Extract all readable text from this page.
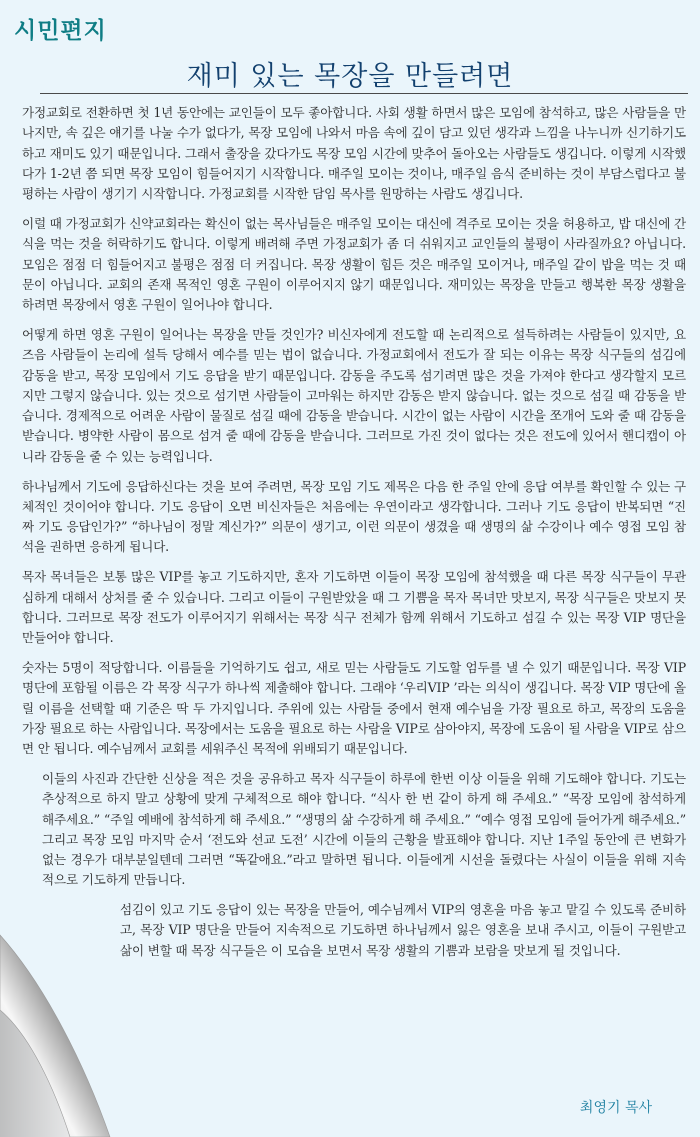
시민편지
재미 있는 목장을 만들려면

가정교회로 전환하면 첫 1년 동안에는 교인들이 모두 좋아합니다. 사회 생활 하면서 많은 모임에 참석하고, 많은 사람들을 만나지만, 속 깊은 얘기를 나눌 수가 없다가, 목장 모임에 나와서 마음 속에 깊이 담고 있던 생각과 느낌을 나누니까 신기하기도 하고 재미도 있기 때문입니다. 그래서 출장을 갔다가도 목장 모임 시간에 맞추어 돌아오는 사람들도 생깁니다. 이렇게 시작했다가 1-2년 쯤 되면 목장 모임이 힘들어지기 시작합니다. 매주일 모이는 것이나, 매주일 음식 준비하는 것이 부담스럽다고 불평하는 사람이 생기기 시작합니다. 가정교회를 시작한 담임 목사를 원망하는 사람도 생깁니다.

이럴 때 가정교회가 신약교회라는 확신이 없는 목사님들은 매주일 모이는 대신에 격주로 모이는 것을 허용하고, 밥 대신에 간식을 먹는 것을 허락하기도 합니다. 이렇게 배려해 주면 가정교회가 좀 더 쉬워지고 교인들의 불평이 사라질까요? 아닙니다. 모임은 점점 더 힘들어지고 불평은 점점 더 커집니다. 목장 생활이 힘든 것은 매주일 모이거나, 매주일 같이 밥을 먹는 것 때문이 아닙니다. 교회의 존재 목적인 영혼 구원이 이루어지지 않기 때문입니다. 재미있는 목장을 만들고 행복한 목장 생활을 하려면 목장에서 영혼 구원이 일어나야 합니다.

어떻게 하면 영혼 구원이 일어나는 목장을 만들 것인가? 비신자에게 전도할 때 논리적으로 설득하려는 사람들이 있지만, 요즈음 사람들이 논리에 설득 당해서 예수를 믿는 법이 없습니다. 가정교회에서 전도가 잘 되는 이유는 목장 식구들의 섬김에 감동을 받고, 목장 모임에서 기도 응답을 받기 때문입니다. 감동을 주도록 섬기려면 많은 것을 가져야 한다고 생각할지 모르지만 그렇지 않습니다. 있는 것으로 섬기면 사람들이 고마워는 하지만 감동은 받지 않습니다. 없는 것으로 섬길 때 감동을 받습니다. 경제적으로 어려운 사람이 물질로 섬길 때에 감동을 받습니다. 시간이 없는 사람이 시간을 쪼개어 도와 줄 때 감동을 받습니다. 병약한 사람이 몸으로 섬겨 줄 때에 감동을 받습니다. 그러므로 가진 것이 없다는 것은 전도에 있어서 핸디캡이 아니라 감동을 줄 수 있는 능력입니다.

하나님께서 기도에 응답하신다는 것을 보여 주려면, 목장 모임 기도 제목은 다음 한 주일 안에 응답 여부를 확인할 수 있는 구체적인 것이어야 합니다. 기도 응답이 오면 비신자들은 처음에는 우연이라고 생각합니다. 그러나 기도 응답이 반복되면 “진짜 기도 응답인가?” “하나님이 정말 계신가?” 의문이 생기고, 이런 의문이 생겼을 때 생명의 삶 수강이나 예수 영접 모임 참석을 권하면 응하게 됩니다.

목자 목녀들은 보통 많은 VIP를 놓고 기도하지만, 혼자 기도하면 이들이 목장 모임에 참석했을 때 다른 목장 식구들이 무관심하게 대해서 상처를 줄 수 있습니다. 그리고 이들이 구원받았을 때 그 기쁨을 목자 목녀만 맛보지, 목장 식구들은 맛보지 못합니다. 그러므로 목장 전도가 이루어지기 위해서는 목장 식구 전체가 함께 위해서 기도하고 섬길 수 있는 목장 VIP 명단을 만들어야 합니다.

숫자는 5명이 적당합니다. 이름들을 기억하기도 쉽고, 새로 믿는 사람들도 기도할 엄두를 낼 수 있기 때문입니다. 목장 VIP 명단에 포함될 이름은 각 목장 식구가 하나씩 제출해야 합니다. 그래야 ‘우리VIP ’라는 의식이 생깁니다. 목장 VIP 명단에 올릴 이름을 선택할 때 기준은 딱 두 가지입니다. 주위에 있는 사람들 중에서 현재 예수님을 가장 필요로 하고, 목장의 도움을 가장 필요로 하는 사람입니다. 목장에서는 도움을 필요로 하는 사람을 VIP로 삼아야지, 목장에 도움이 될 사람을 VIP로 삼으면 안 됩니다. 예수님께서 교회를 세워주신 목적에 위배되기 때문입니다.

이들의 사진과 간단한 신상을 적은 것을 공유하고 목자 식구들이 하루에 한번 이상 이들을 위해 기도해야 합니다. 기도는 추상적으로 하지 말고 상황에 맞게 구체적으로 해야 합니다. “식사 한 번 같이 하게 해 주세요.” “목장 모임에 참석하게 해주세요.” “주일 예배에 참석하게 해 주세요.” “생명의 삶 수강하게 해 주세요.” “예수 영접 모임에 들어가게 해주세요.” 그리고 목장 모임 마지막 순서 ‘전도와 선교 도전’ 시간에 이들의 근황을 발표해야 합니다. 지난 1주일 동안에 큰 변화가 없는 경우가 대부분일텐데 그러면 “똑같애요.”라고 말하면 됩니다. 이들에게 시선을 돌렸다는 사실이 이들을 위해 지속적으로 기도하게 만듭니다.

섬김이 있고 기도 응답이 있는 목장을 만들어, 예수님께서 VIP의 영혼을 마음 놓고 맡길 수 있도록 준비하고, 목장 VIP 명단을 만들어 지속적으로 기도하면 하나님께서 잃은 영혼을 보내 주시고, 이들이 구원받고 삶이 변할 때 목장 식구들은 이 모습을 보면서 목장 생활의 기쁨과 보람을 맛보게 될 것입니다.

최영기 목사
